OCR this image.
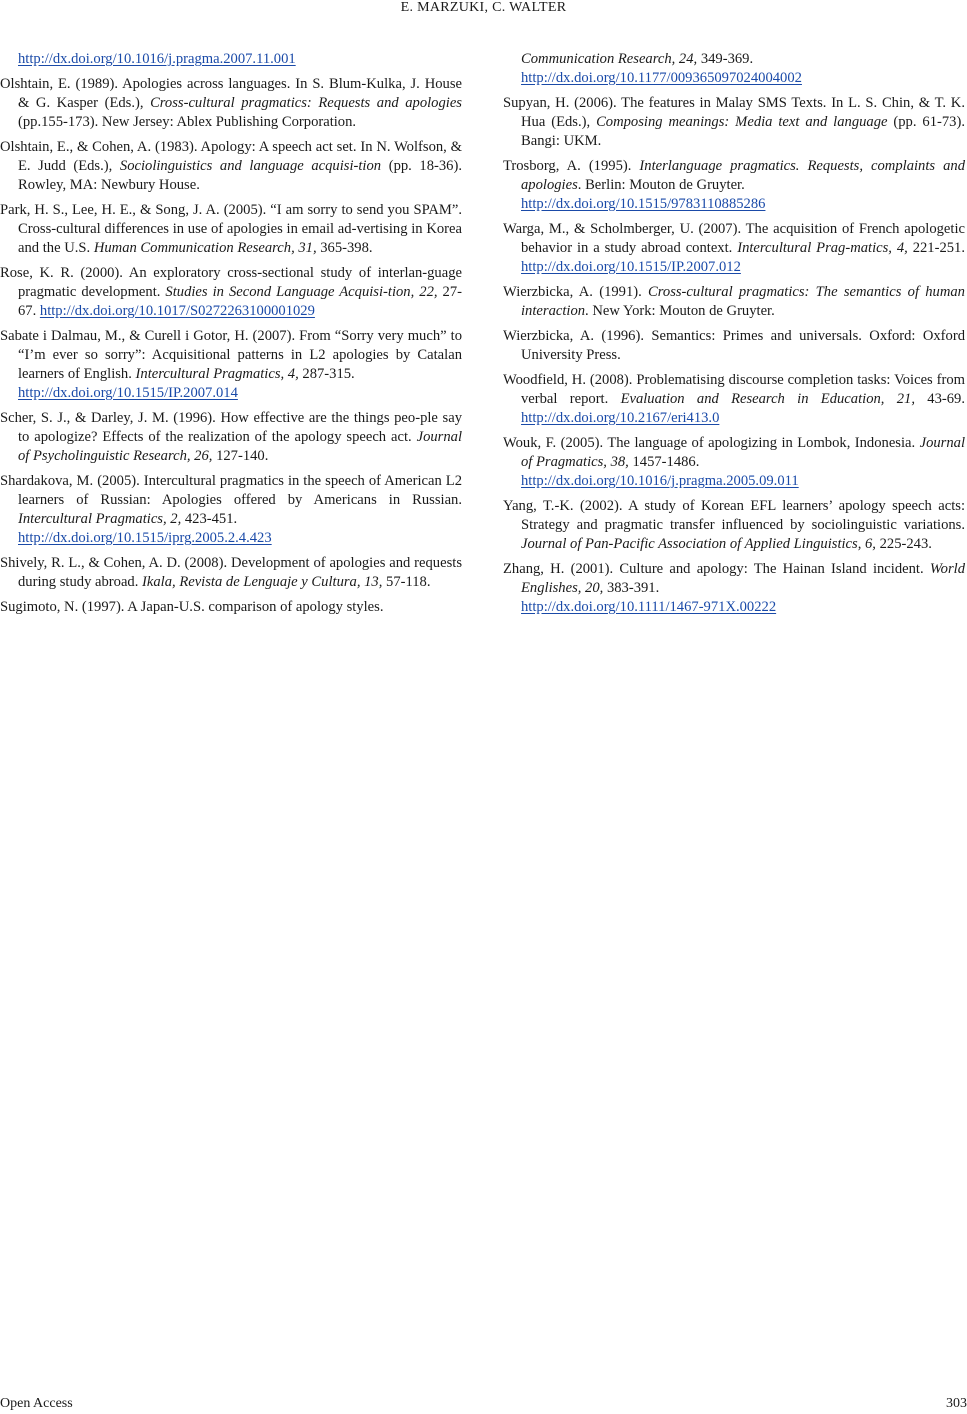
E. MARZUKI, C. WALTER

http://dx.doi.org/10.1016/j.pragma.2007.11.001

Olshtain, E. (1989). Apologies across languages. In S. Blum-Kulka, J. House & G. Kasper (Eds.), Cross-cultural pragmatics: Requests and apologies (pp.155-173). New Jersey: Ablex Publishing Corporation.

Olshtain, E., & Cohen, A. (1983). Apology: A speech act set. In N. Wolfson, & E. Judd (Eds.), Sociolinguistics and language acquisi-tion (pp. 18-36). Rowley, MA: Newbury House.

Park, H. S., Lee, H. E., & Song, J. A. (2005). “I am sorry to send you SPAM”. Cross-cultural differences in use of apologies in email ad-vertising in Korea and the U.S. Human Communication Research, 31, 365-398.

Rose, K. R. (2000). An exploratory cross-sectional study of interlan-guage pragmatic development. Studies in Second Language Acquisi-tion, 22, 27-67. http://dx.doi.org/10.1017/S0272263100001029

Sabate i Dalmau, M., & Curell i Gotor, H. (2007). From “Sorry very much” to “I’m ever so sorry”: Acquisitional patterns in L2 apologies by Catalan learners of English. Intercultural Pragmatics, 4, 287-315.
http://dx.doi.org/10.1515/IP.2007.014

Scher, S. J., & Darley, J. M. (1996). How effective are the things peo-ple say to apologize? Effects of the realization of the apology speech act. Journal of Psycholinguistic Research, 26, 127-140.

Shardakova, M. (2005). Intercultural pragmatics in the speech of American L2 learners of Russian: Apologies offered by Americans in Russian. Intercultural Pragmatics, 2, 423-451.
http://dx.doi.org/10.1515/iprg.2005.2.4.423

Shively, R. L., & Cohen, A. D. (2008). Development of apologies and requests during study abroad. Ikala, Revista de Lenguaje y Cultura, 13, 57-118.

Sugimoto, N. (1997). A Japan-U.S. comparison of apology styles.

Communication Research, 24, 349-369.
http://dx.doi.org/10.1177/009365097024004002

Supyan, H. (2006). The features in Malay SMS Texts. In L. S. Chin, & T. K. Hua (Eds.), Composing meanings: Media text and language (pp. 61-73). Bangi: UKM.

Trosborg, A. (1995). Interlanguage pragmatics. Requests, complaints and apologies. Berlin: Mouton de Gruyter.
http://dx.doi.org/10.1515/9783110885286

Warga, M., & Scholmberger, U. (2007). The acquisition of French apologetic behavior in a study abroad context. Intercultural Prag-matics, 4, 221-251. http://dx.doi.org/10.1515/IP.2007.012

Wierzbicka, A. (1991). Cross-cultural pragmatics: The semantics of human interaction. New York: Mouton de Gruyter.

Wierzbicka, A. (1996). Semantics: Primes and universals. Oxford: Oxford University Press.

Woodfield, H. (2008). Problematising discourse completion tasks: Voices from verbal report. Evaluation and Research in Education, 21, 43-69. http://dx.doi.org/10.2167/eri413.0

Wouk, F. (2005). The language of apologizing in Lombok, Indonesia. Journal of Pragmatics, 38, 1457-1486.
http://dx.doi.org/10.1016/j.pragma.2005.09.011

Yang, T.-K. (2002). A study of Korean EFL learners’ apology speech acts: Strategy and pragmatic transfer influenced by sociolinguistic variations. Journal of Pan-Pacific Association of Applied Linguistics, 6, 225-243.

Zhang, H. (2001). Culture and apology: The Hainan Island incident. World Englishes, 20, 383-391.
http://dx.doi.org/10.1111/1467-971X.00222

Open Access	303
